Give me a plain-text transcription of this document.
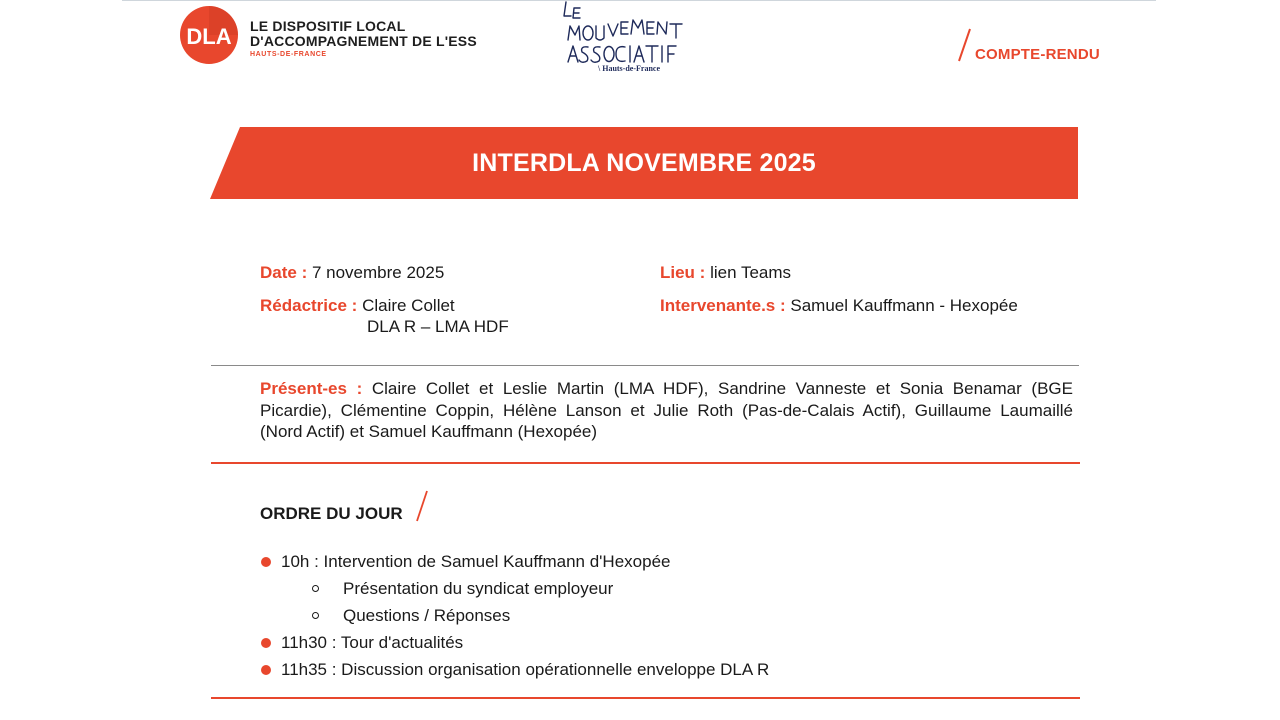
DLA LE DISPOSITIF LOCAL
D'ACCOMPAGNEMENT DE L'ESS
HAUTS-DE-FRANCE
\ Hauts-de-France
COMPTE-RENDU
INTERDLA NOVEMBRE 2025
Date : 7 novembre 2025	Lieu : lien Teams
Rédactrice : Claire Collet
DLA R – LMA HDF
Intervenante.s : Samuel Kauffmann - Hexopée
Présent-es : Claire Collet et Leslie Martin (LMA HDF), Sandrine Vanneste et Sonia Benamar (BGE Picardie), Clémentine Coppin, Hélène Lanson et Julie Roth (Pas-de-Calais Actif), Guillaume Laumaillé (Nord Actif) et Samuel Kauffmann (Hexopée)
ORDRE DU JOUR
10h : Intervention de Samuel Kauffmann d'Hexopée
Présentation du syndicat employeur
Questions / Réponses
11h30 : Tour d'actualités
11h35 : Discussion organisation opérationnelle enveloppe DLA R
